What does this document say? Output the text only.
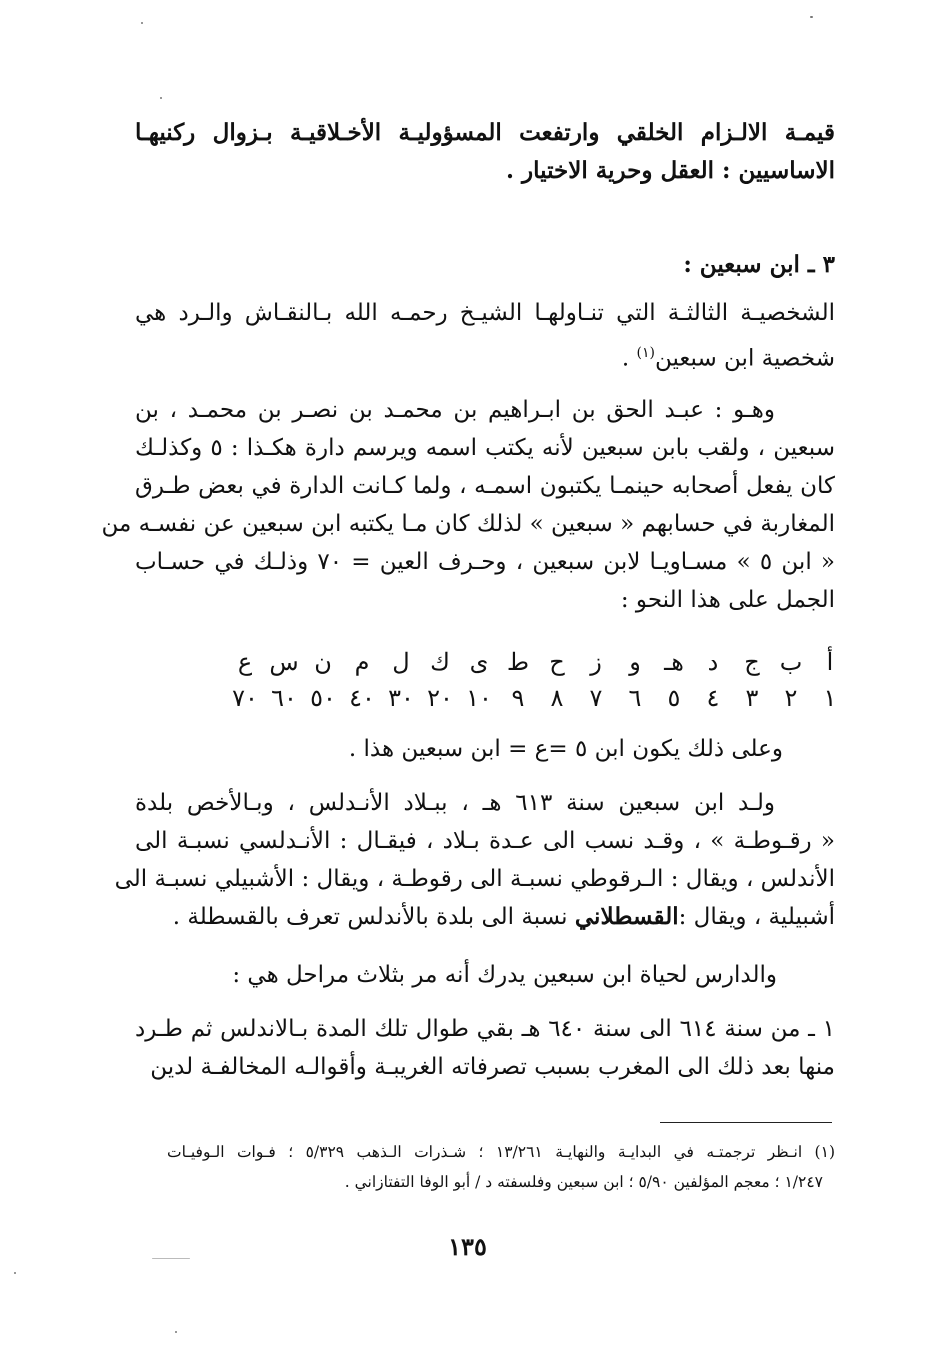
قيمـة الالـزام الخلقي وارتفعت المسؤوليـة الأخـلاقيـة بـزوال ركنيهـا
الاساسيين : العقل وحرية الاختيار .
٣ ـ ابن سبعين :
الشخصيـة الثالثـة التي تنـاولهـا الشيـخ رحمـه الله بـالنقـاش والـرد هي
شخصية ابن سبعين$^{(١)}$ .
وهـو : عبـد الحق بن ابـراهيم بن محمـد بن نصـر بن محمـد ، بن
سبعين ، ولقب بابن سبعين لأنه يكتب اسمه ويرسم دارة هكـذا : ٥ وكذلـك
كان يفعل أصحابه حينمـا يكتبون اسمـه ، ولما كـانت الدارة في بعض طـرق
المغاربة في حسابهم « سبعين » لذلك كان مـا يكتبه ابن سبعين عن نفسـه من
« ابن ٥ » مسـاويـا لابن سبعين ، وحـرف العين = ٧٠ وذلـك في حسـاب
الجمل على هذا النحو :
أ
ب
ج
د
هـ
و
ز
ح
ط
ى
ك
ل
م
ن
س
ع
١
٢
٣
٤
٥
٦
٧
٨
٩
١٠
٢٠
٣٠
٤٠
٥٠
٦٠
٧٠
وعلى ذلك يكون ابن ٥ =ع = ابن سبعين هذا .
ولـد ابن سبعين سنة ٦١٣ هـ ، ببـلاد الأنـدلس ، وبـالأخص بلدة
« رقـوطـة » ، وقـد نسب الى عـدة بـلاد ، فيقـال : الأنـدلسي نسبـة الى
الأندلس ، ويقال : الـرقوطي نسبـة الى رقوطـة ، ويقال : الأشبيلي نسبـة الى
أشبيلية ، ويقال :القسطلاني نسبة الى بلدة بالأندلس تعرف بالقسطلة .
والدارس لحياة ابن سبعين يدرك أنه مر بثلاث مراحل هي :
١ ـ من سنة ٦١٤ الى سنة ٦٤٠ هـ بقي طوال تلك المدة بـالاندلس ثم طـرد
منها بعد ذلك الى المغرب بسبب تصرفاته الغريبـة وأقوالـه المخالفـة لدين
(١) انـظر ترجمتـه في البدايـة والنهايـة ١٣/٢٦١ ؛ شـذرات الـذهب ٥/٣٢٩ ؛ فـوات الـوفيـات
١/٢٤٧ ؛ معجم المؤلفين ٥/٩٠ ؛ ابن سبعين وفلسفته د / أبو الوفا التفتازاني .
١٣٥
